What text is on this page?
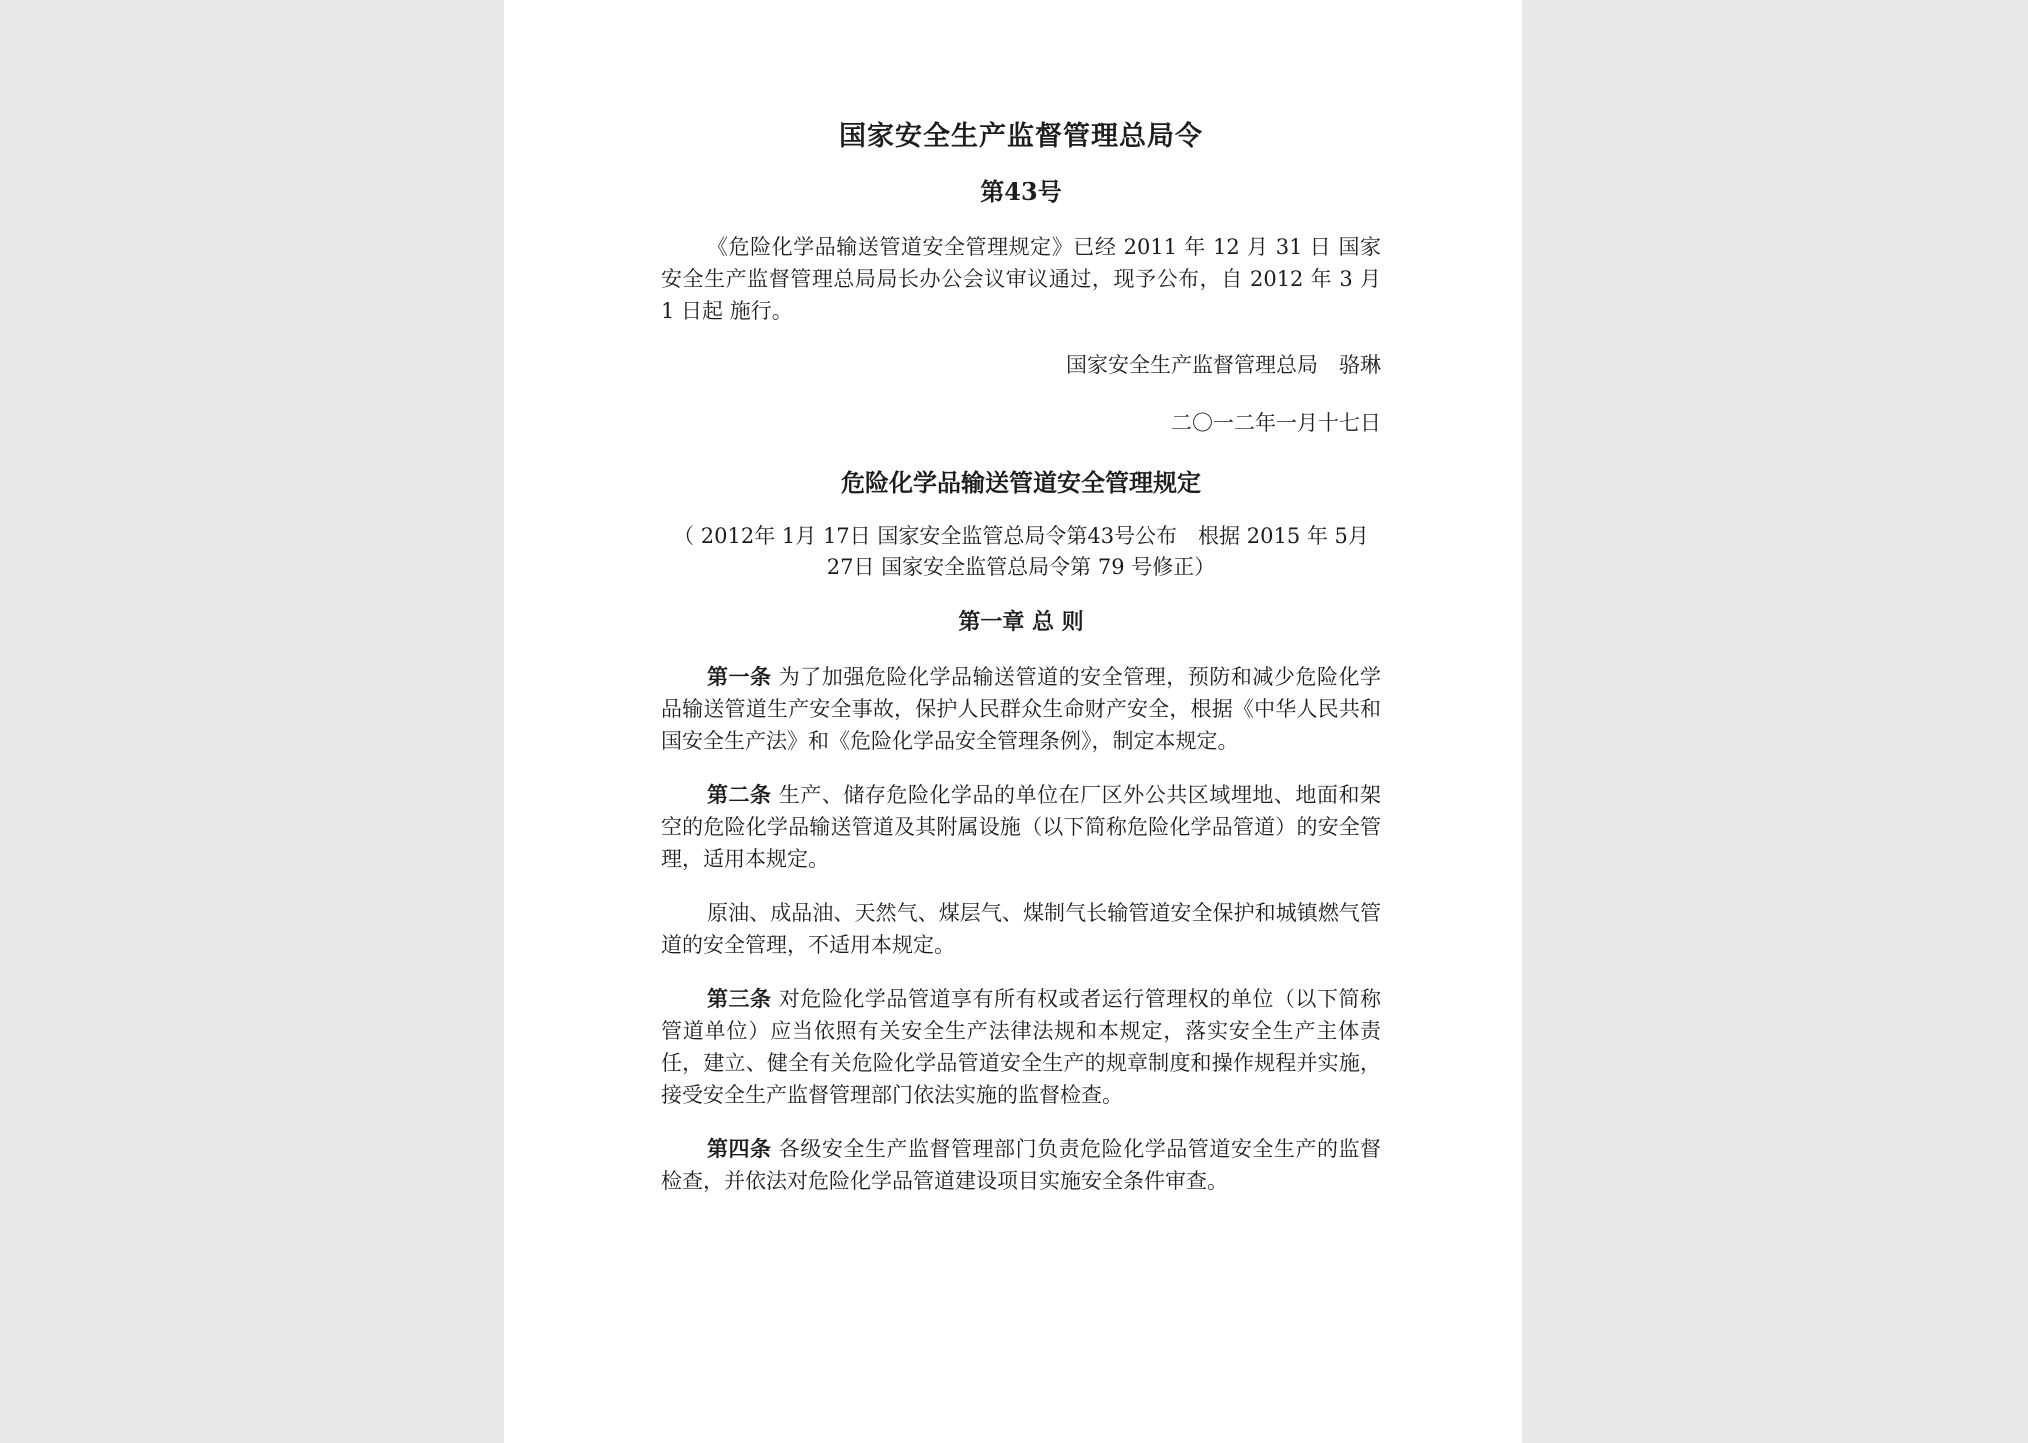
国家安全生产监督管理总局令
第43号

《危险化学品输送管道安全管理规定》已经 2011 年 12 月 31 日 国家安全生产监督管理总局局长办公会议审议通过，现予公布，自 2012 年 3 月 1 日起 施行。

国家安全生产监督管理总局　骆琳
二〇一二年一月十七日
危险化学品输送管道安全管理规定
（ 2012年 1月 17日 国家安全监管总局令第43号公布　根据 2015 年 5月 27日 国家安全监管总局令第 79 号修正）
第一章 总 则

第一条 为了加强危险化学品输送管道的安全管理，预防和减少危险化学品输送管道生产安全事故，保护人民群众生命财产安全，根据《中华人民共和国安全生产法》和《危险化学品安全管理条例》，制定本规定。

第二条 生产、储存危险化学品的单位在厂区外公共区域埋地、地面和架空的危险化学品输送管道及其附属设施（以下简称危险化学品管道）的安全管理，适用本规定。

原油、成品油、天然气、煤层气、煤制气长输管道安全保护和城镇燃气管道的安全管理，不适用本规定。

第三条 对危险化学品管道享有所有权或者运行管理权的单位（以下简称管道单位）应当依照有关安全生产法律法规和本规定，落实安全生产主体责任，建立、健全有关危险化学品管道安全生产的规章制度和操作规程并实施，接受安全生产监督管理部门依法实施的监督检查。

第四条 各级安全生产监督管理部门负责危险化学品管道安全生产的监督检查，并依法对危险化学品管道建设项目实施安全条件审查。
